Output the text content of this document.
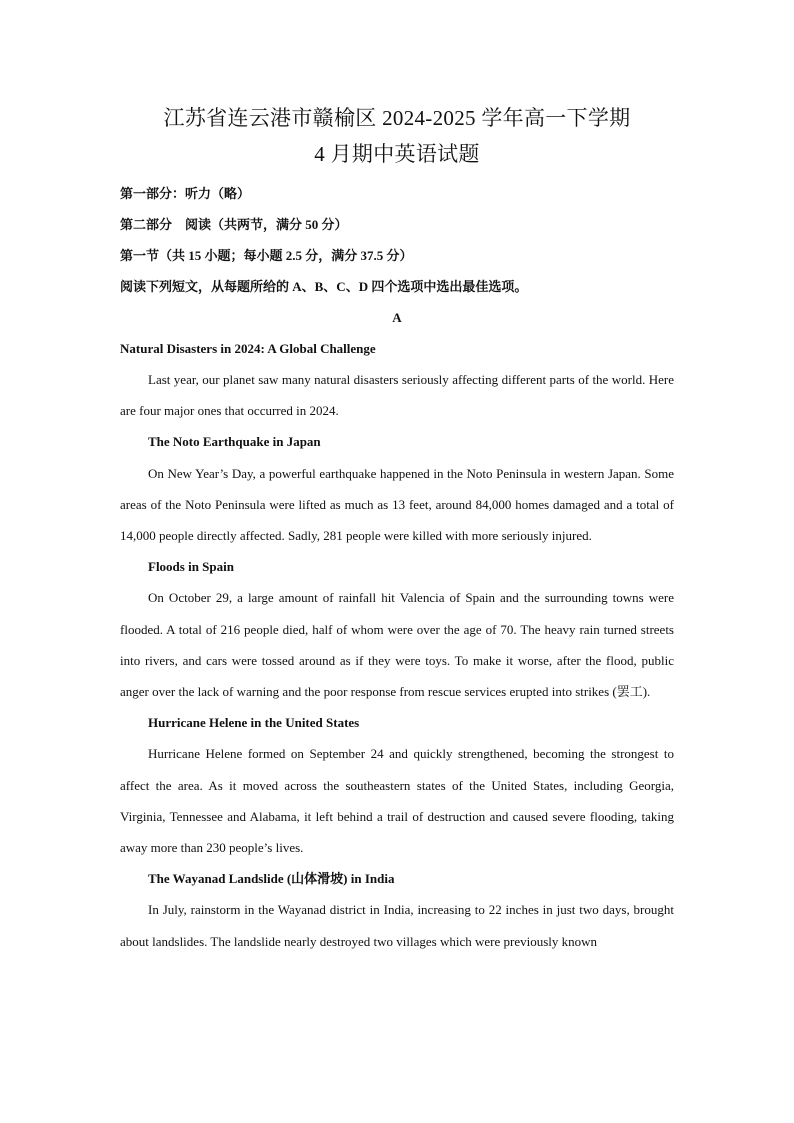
江苏省连云港市赣榆区 2024-2025 学年高一下学期
4 月期中英语试题

第一部分：听力（略）

第二部分　阅读（共两节，满分 50 分）

第一节（共 15 小题；每小题 2.5 分，满分 37.5 分）

阅读下列短文，从每题所给的 A、B、C、D 四个选项中选出最佳选项。

A

Natural Disasters in 2024: A Global Challenge

Last year, our planet saw many natural disasters seriously affecting different parts of the world. Here are four major ones that occurred in 2024.

The Noto Earthquake in Japan

On New Year’s Day, a powerful earthquake happened in the Noto Peninsula in western Japan. Some areas of the Noto Peninsula were lifted as much as 13 feet, around 84,000 homes damaged and a total of 14,000 people directly affected. Sadly, 281 people were killed with more seriously injured.

Floods in Spain

On October 29, a large amount of rainfall hit Valencia of Spain and the surrounding towns were flooded. A total of 216 people died, half of whom were over the age of 70. The heavy rain turned streets into rivers, and cars were tossed around as if they were toys. To make it worse, after the flood, public anger over the lack of warning and the poor response from rescue services erupted into strikes (罢工).

Hurricane Helene in the United States

Hurricane Helene formed on September 24 and quickly strengthened, becoming the strongest to affect the area. As it moved across the southeastern states of the United States, including Georgia, Virginia, Tennessee and Alabama, it left behind a trail of destruction and caused severe flooding, taking away more than 230 people’s lives.

The Wayanad Landslide (山体滑坡) in India

In July, rainstorm in the Wayanad district in India, increasing to 22 inches in just two days, brought about landslides. The landslide nearly destroyed two villages which were previously known
